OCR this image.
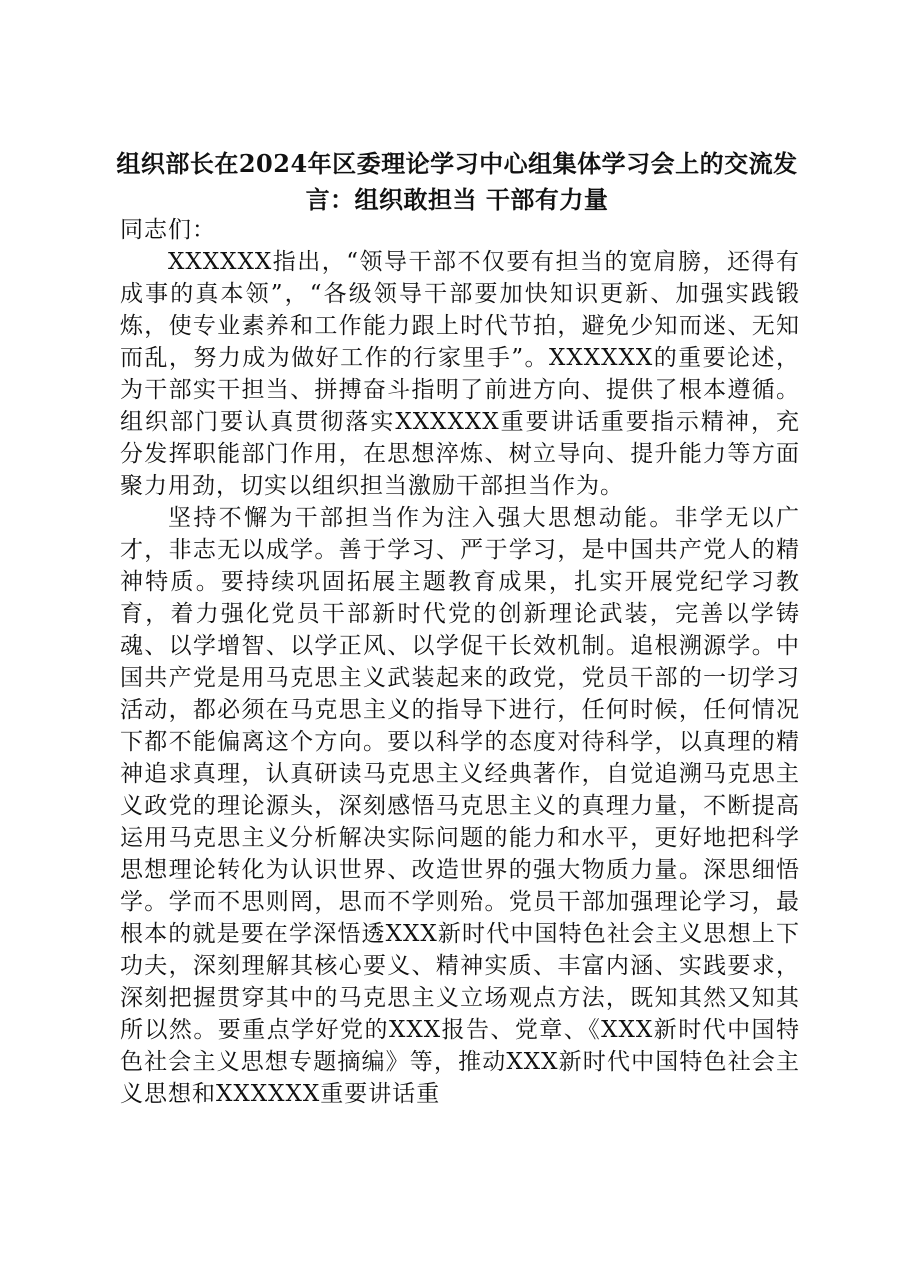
组织部长在2024年区委理论学习中心组集体学习会上的交流发言：组织敢担当 干部有力量

同志们：

XXXXXX指出，“领导干部不仅要有担当的宽肩膀，还得有成事的真本领”，“各级领导干部要加快知识更新、加强实践锻炼，使专业素养和工作能力跟上时代节拍，避免少知而迷、无知而乱，努力成为做好工作的行家里手”。XXXXXX的重要论述，为干部实干担当、拼搏奋斗指明了前进方向、提供了根本遵循。组织部门要认真贯彻落实XXXXXX重要讲话重要指示精神，充分发挥职能部门作用，在思想淬炼、树立导向、提升能力等方面聚力用劲，切实以组织担当激励干部担当作为。

坚持不懈为干部担当作为注入强大思想动能。非学无以广才，非志无以成学。善于学习、严于学习，是中国共产党人的精神特质。要持续巩固拓展主题教育成果，扎实开展党纪学习教育，着力强化党员干部新时代党的创新理论武装，完善以学铸魂、以学增智、以学正风、以学促干长效机制。追根溯源学。中国共产党是用马克思主义武装起来的政党，党员干部的一切学习活动，都必须在马克思主义的指导下进行，任何时候，任何情况下都不能偏离这个方向。要以科学的态度对待科学，以真理的精神追求真理，认真研读马克思主义经典著作，自觉追溯马克思主义政党的理论源头，深刻感悟马克思主义的真理力量，不断提高运用马克思主义分析解决实际问题的能力和水平，更好地把科学思想理论转化为认识世界、改造世界的强大物质力量。深思细悟学。学而不思则罔，思而不学则殆。党员干部加强理论学习，最根本的就是要在学深悟透XXX新时代中国特色社会主义思想上下功夫，深刻理解其核心要义、精神实质、丰富内涵、实践要求，深刻把握贯穿其中的马克思主义立场观点方法，既知其然又知其所以然。要重点学好党的XXX报告、党章、《XXX新时代中国特色社会主义思想专题摘编》等，推动XXX新时代中国特色社会主义思想和XXXXXX重要讲话重
